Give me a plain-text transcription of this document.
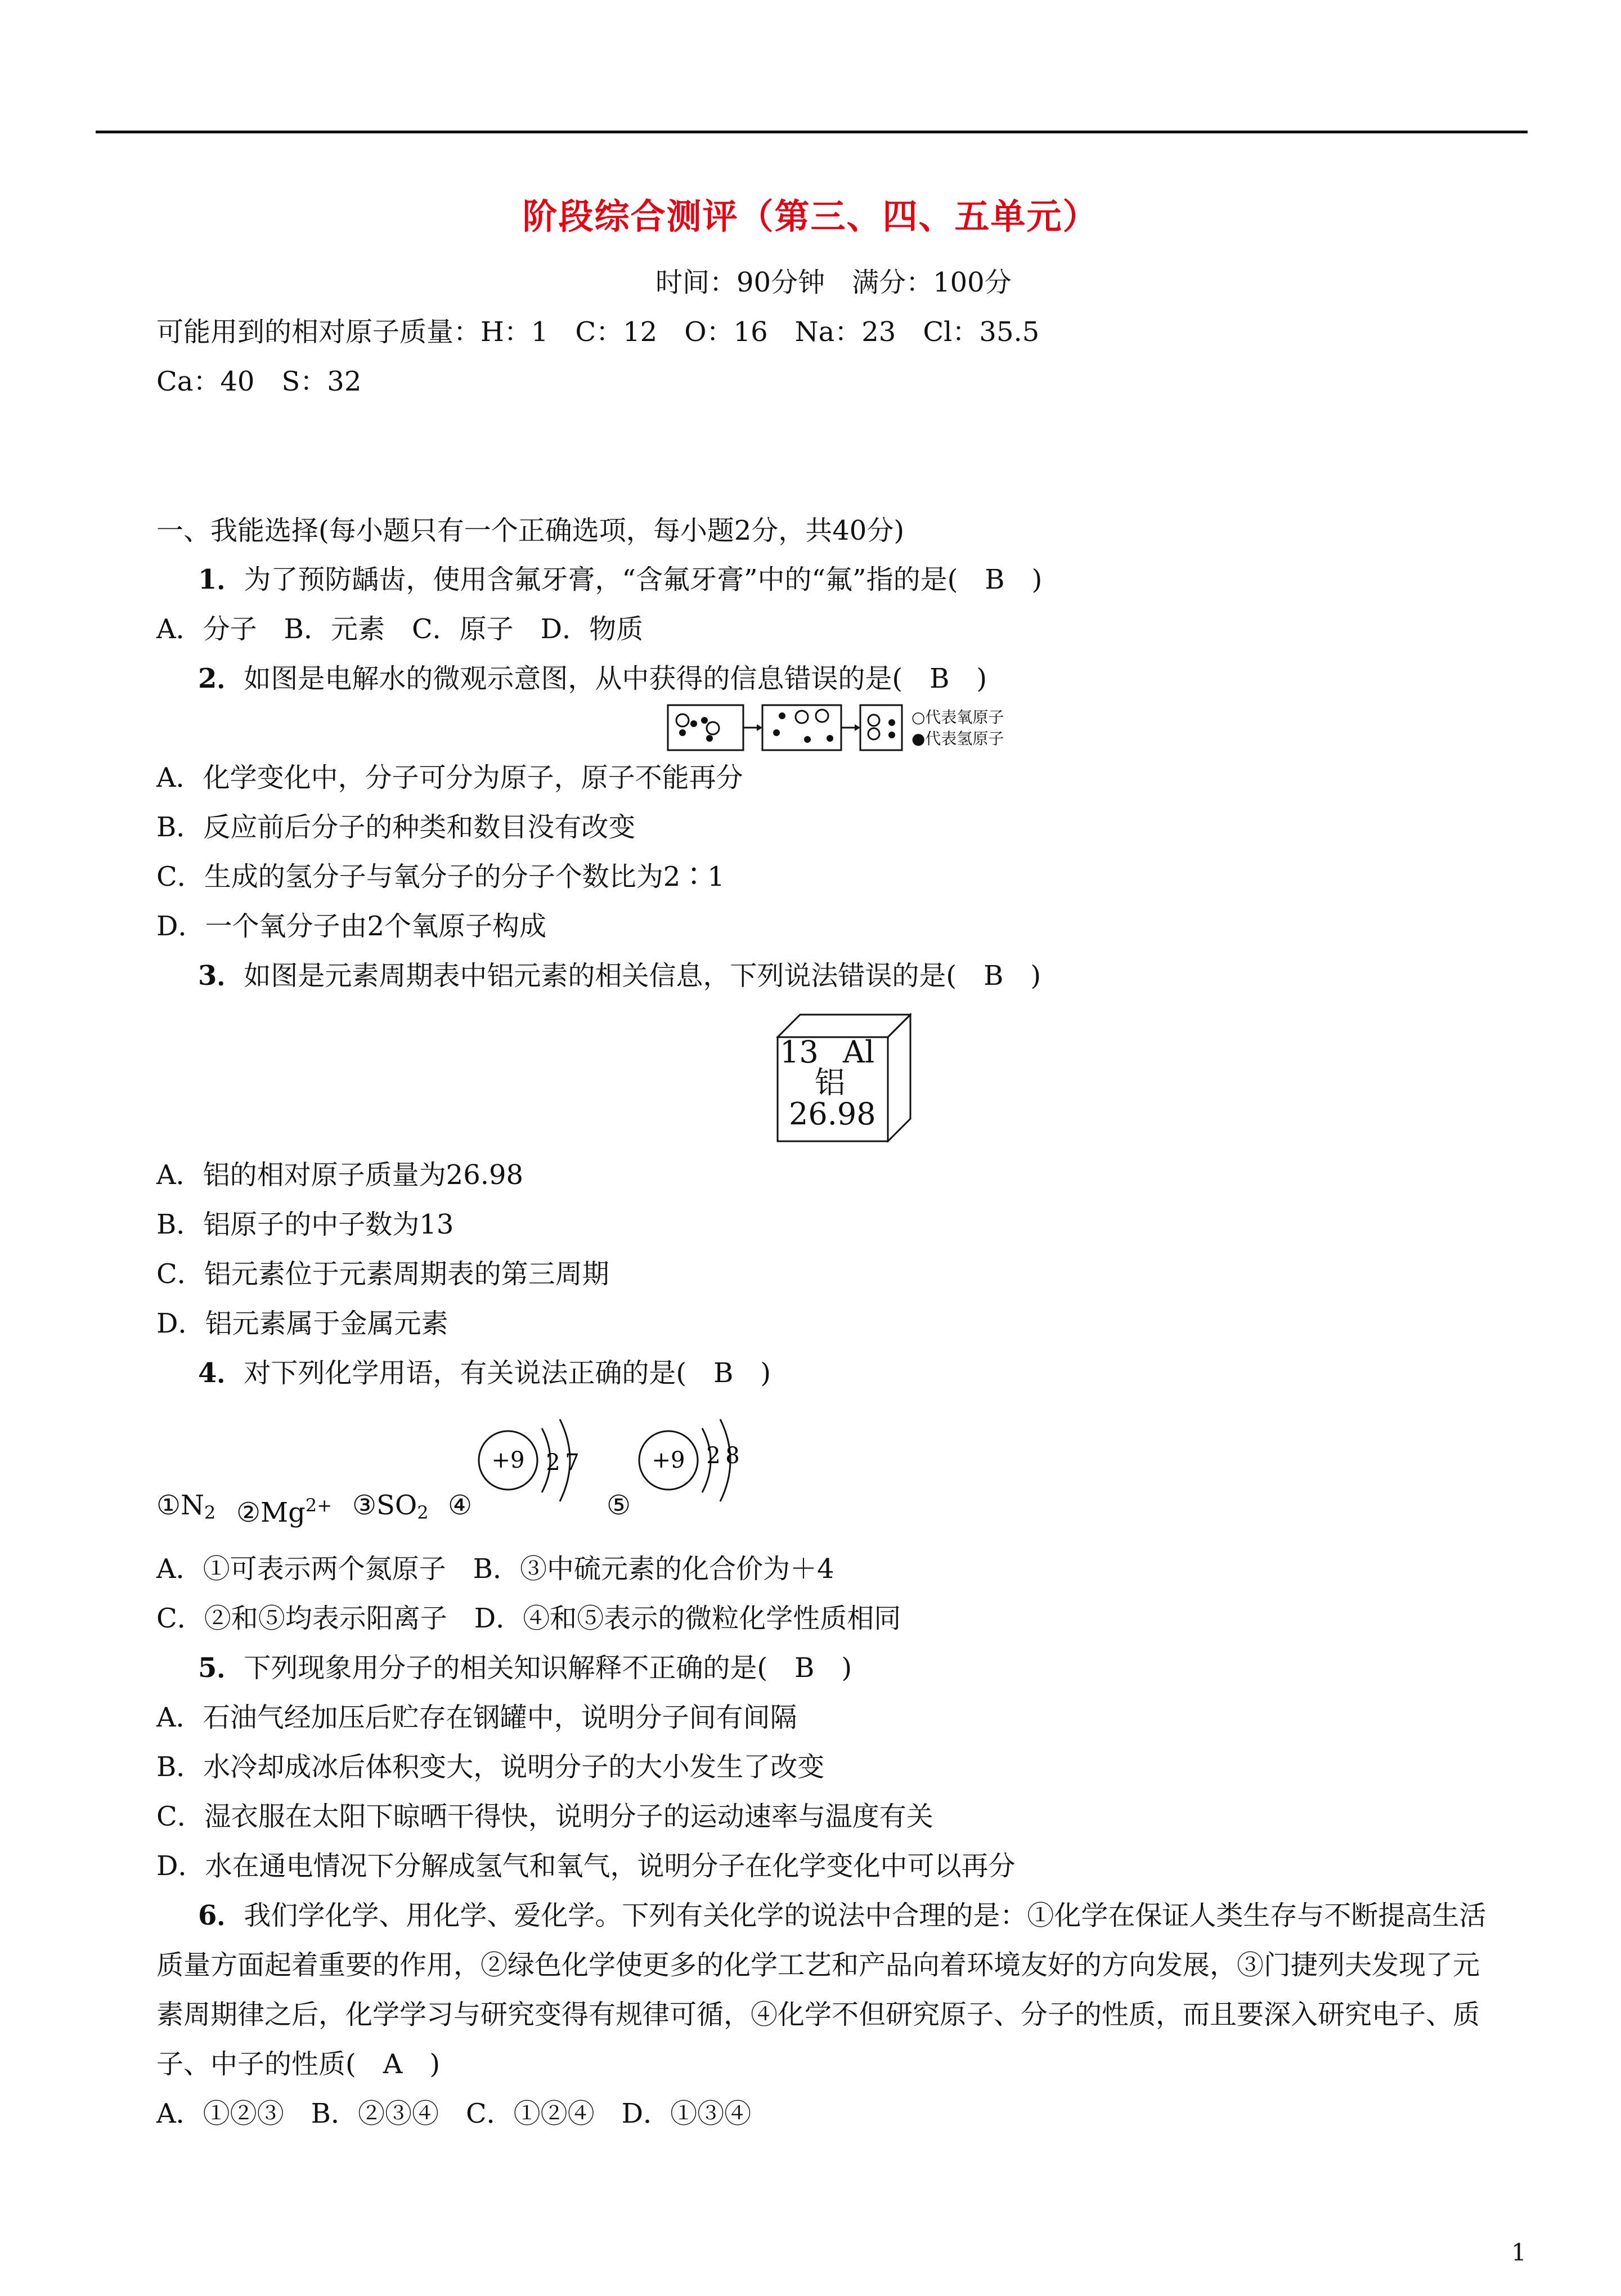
阶段综合测评（第三、四、五单元）
时间：90分钟　满分：100分
可能用到的相对原子质量：H：1　C：12　O：16　Na：23　Cl：35.5
Ca：40　S：32
一、我能选择(每小题只有一个正确选项，每小题2分，共40分)
1．为了预防龋齿，使用含氟牙膏，“含氟牙膏”中的“氟”指的是(　B　)
A．分子　B．元素　C．原子　D．物质
2．如图是电解水的微观示意图，从中获得的信息错误的是(　B　)
○代表氧原子
●代表氢原子
A．化学变化中，分子可分为原子，原子不能再分
B．反应前后分子的种类和数目没有改变
C．生成的氢分子与氧分子的分子个数比为2∶1
D．一个氧分子由2个氧原子构成
3．如图是元素周期表中铝元素的相关信息，下列说法错误的是(　B　)
13 Al
铝
26.98
A．铝的相对原子质量为26.98
B．铝原子的中子数为13
C．铝元素位于元素周期表的第三周期
D．铝元素属于金属元素
4．对下列化学用语，有关说法正确的是(　B　)
$①N_2$ $②Mg^{2+}$ $③SO_2$ ④	⑤
+9 2 7	+9 2 8
A．①可表示两个氮原子　B．③中硫元素的化合价为＋4
C．②和⑤均表示阳离子　D．④和⑤表示的微粒化学性质相同
5．下列现象用分子的相关知识解释不正确的是(　B　)
A．石油气经加压后贮存在钢罐中，说明分子间有间隔
B．水冷却成冰后体积变大，说明分子的大小发生了改变
C．湿衣服在太阳下晾晒干得快，说明分子的运动速率与温度有关
D．水在通电情况下分解成氢气和氧气，说明分子在化学变化中可以再分
6．我们学化学、用化学、爱化学。下列有关化学的说法中合理的是：①化学在保证人类生存与不断提高生活
质量方面起着重要的作用，②绿色化学使更多的化学工艺和产品向着环境友好的方向发展，③门捷列夫发现了元
素周期律之后，化学学习与研究变得有规律可循，④化学不但研究原子、分子的性质，而且要深入研究电子、质
子、中子的性质(　A　)
A．①②③　B．②③④　C．①②④　D．①③④
1
